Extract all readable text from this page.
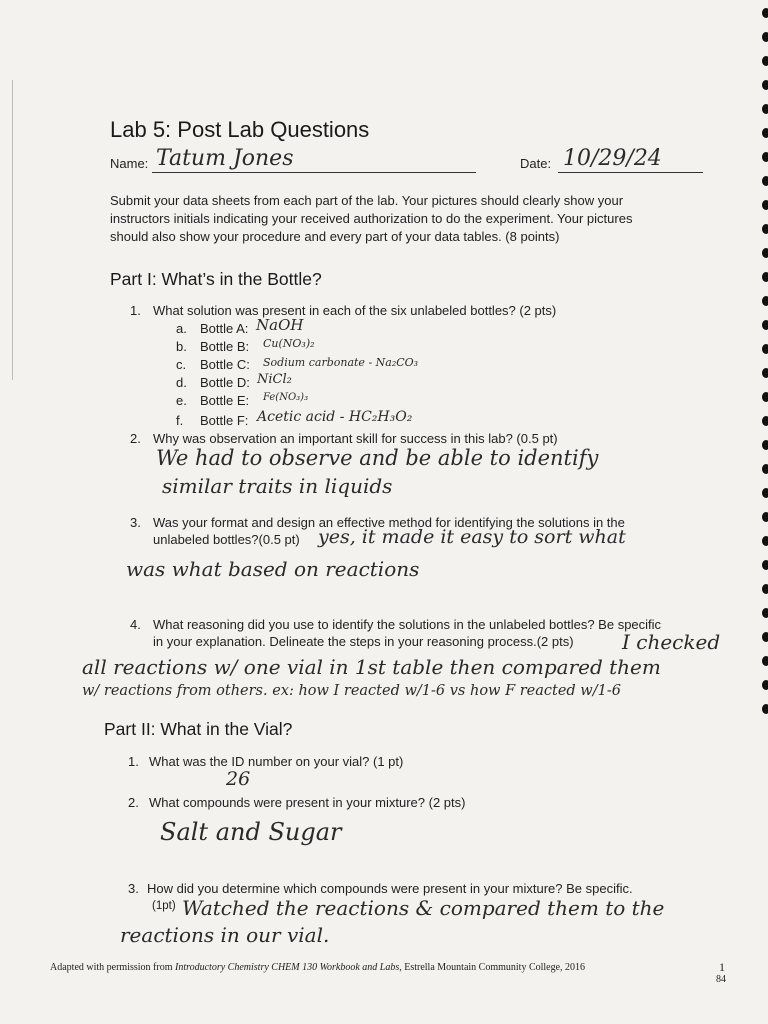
Lab 5: Post Lab Questions
Name: Tatum Jones	Date: 10/29/24
Submit your data sheets from each part of the lab. Your pictures should clearly show your instructors initials indicating your received authorization to do the experiment. Your pictures should also show your procedure and every part of your data tables. (8 points)
Part I: What’s in the Bottle?
1. What solution was present in each of the six unlabeled bottles? (2 pts)
a. Bottle A: NaOH
b. Bottle B: Cu(NO₃)₂
c. Bottle C: Sodium carbonate - Na₂CO₃
d. Bottle D: NiCl₂
e. Bottle E: Fe(NO₃)₃
f. Bottle F: Acetic acid - HC₂H₃O₂
2. Why was observation an important skill for success in this lab? (0.5 pt)
We had to observe and be able to identify
similar traits in liquids
3. Was your format and design an effective method for identifying the solutions in the
unlabeled bottles?(0.5 pt) yes, it made it easy to sort what
was what based on reactions
4. What reasoning did you use to identify the solutions in the unlabeled bottles? Be specific
in your explanation. Delineate the steps in your reasoning process.(2 pts) I checked
all reactions w/ one vial in 1st table then compared them
w/ reactions from others. ex: how I reacted w/1-6 vs how F reacted w/1-6
Part II: What in the Vial?
1. What was the ID number on your vial? (1 pt)
26
2. What compounds were present in your mixture? (2 pts)
Salt and Sugar
3. How did you determine which compounds were present in your mixture? Be specific.
(1pt) Watched the reactions & compared them to the
reactions in our vial.
Adapted with permission from Introductory Chemistry CHEM 130 Workbook and Labs, Estrella Mountain Community College, 2016	1
84
